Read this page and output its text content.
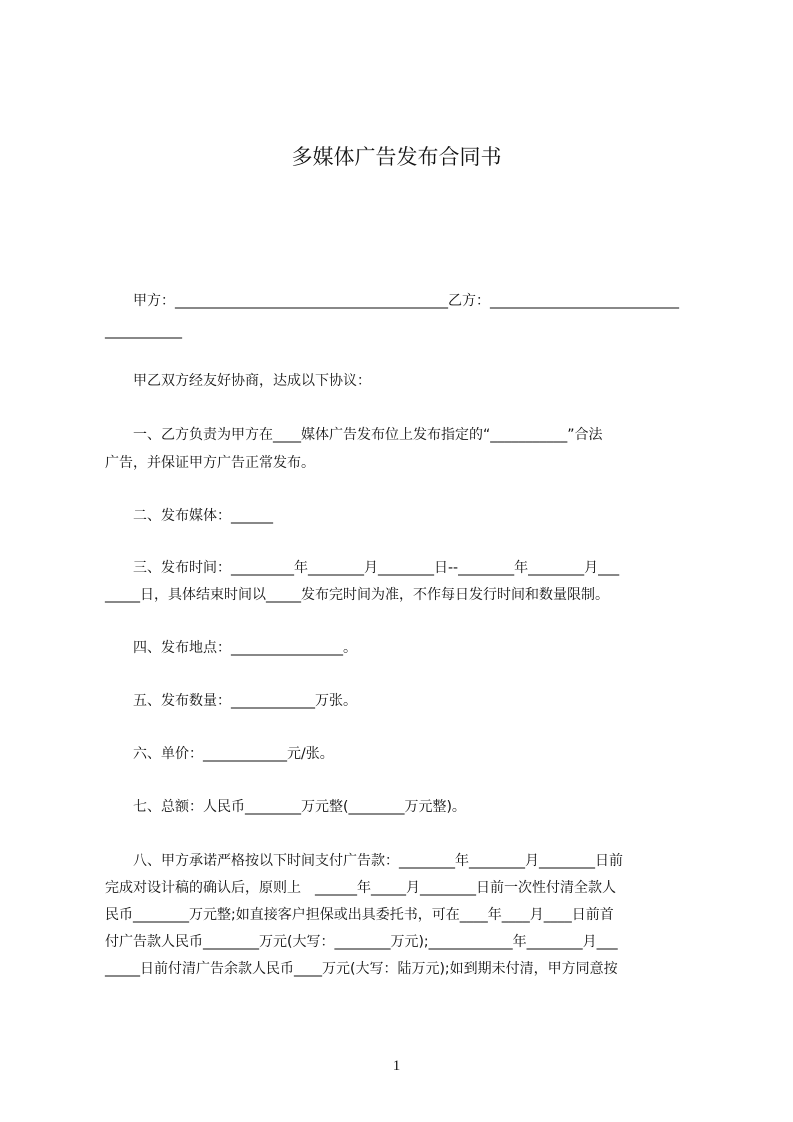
多媒体广告发布合同书
　　甲方：_______________________________________乙方：___________________________
___________
　　甲乙双方经友好协商，达成以下协议：
　　一、乙方负责为甲方在____媒体广告发布位上发布指定的“___________”合法
广告，并保证甲方广告正常发布。
　　二、发布媒体：______
　　三、发布时间：_________年________月________日--________年________月___
_____日，具体结束时间以_____发布完时间为准，不作每日发行时间和数量限制。
　　四、发布地点：________________。
　　五、发布数量：____________万张。
　　六、单价：____________元/张。
　　七、总额：人民币________万元整(________万元整)。
　　八、甲方承诺严格按以下时间支付广告款：________年________月________日前
完成对设计稿的确认后，原则上　______年_____月________日前一次性付清全款人
民币________万元整;如直接客户担保或出具委托书，可在____年____月____日前首
付广告款人民币________万元(大写：________万元);____________年________月___
_____日前付清广告余款人民币____万元(大写：陆万元);如到期未付清，甲方同意按
1
